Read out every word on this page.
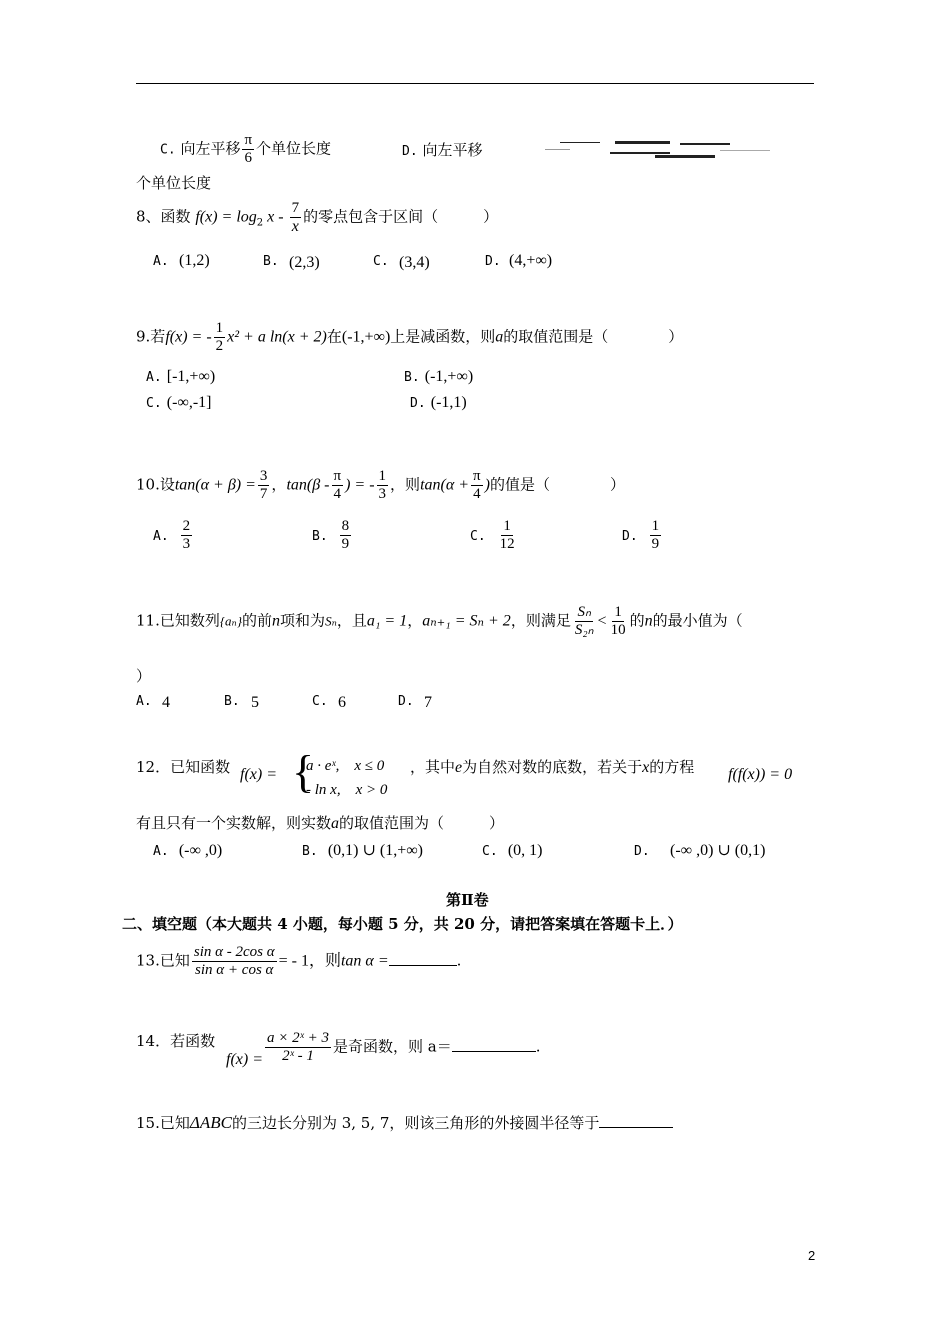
C. 向左平移 $\frac{\pi}{6}$ 个单位长度	D. 向左平移
个单位长度
8、函数 $f(x) = \log_2 x - \frac{7}{x}$ 的零点包含于区间（　　　）
A. (1,2)	B. (2,3)	C. (3,4)	D. (4,+∞)
9.若f(x) = - $\frac{1}{2} x^2 + a$ ln(x + 2)在(-1,+∞)上是减函数，则a的取值范围是（　　　　）
A. [-1,+∞)	B. (-1,+∞)
C. (-∞,-1]	D. (-1,1)
10.设$\tan(\alpha + \beta) = \frac{3}{7}$ ，$\tan(\beta - \frac{\pi}{4}$ ) = - $\frac{1}{3}$ ，则$\tan(\alpha + \frac{\pi}{4}$ )的值是（　　　　）
A. $\frac{2}{3}$	B. $\frac{8}{9}$	C. $\frac{1}{12}$	D. $\frac{1}{9}$
11.已知数列{aₙ}的前n项和为Sₙ，且a₁ = 1，aₙ₊₁ = Sₙ + 2，则满足 $\frac{\text{Sₙ}}{\text{S₂ₙ}} < \frac{1}{10}$ 的n的最小值为（
）
A. 4	B. 5	C. 6	D. 7
12．已知函数 f(x) = {
a · eˣ,　x ≤ 0
- ln x,　x > 0
，其中e为自然对数的底数，若关于x的方程 f(f(x)) = 0
有且只有一个实数解，则实数a的取值范围为（　　　）
A. (-∞ ,0)	B. (0,1) ∪ (1,+∞)	C. (0, 1)	D. (-∞ ,0) ∪ (0,1)
第Ⅱ卷
二、填空题（本大题共 4 小题，每小题 5 分，共 20 分，请把答案填在答题卡上．）
13.已知 $\frac{\text{sin α - 2cos α}}{\text{sin α + cos α}}$ = - 1，则tan α =	.
14．若函数
$f(x) = \frac{\text{a × 2ˣ + 3}}{\text{2ˣ - 1}}$ 是奇函数，则 a＝	.
15.已知ΔABC的三边长分别为 3, 5, 7，则该三角形的外接圆半径等于
2
